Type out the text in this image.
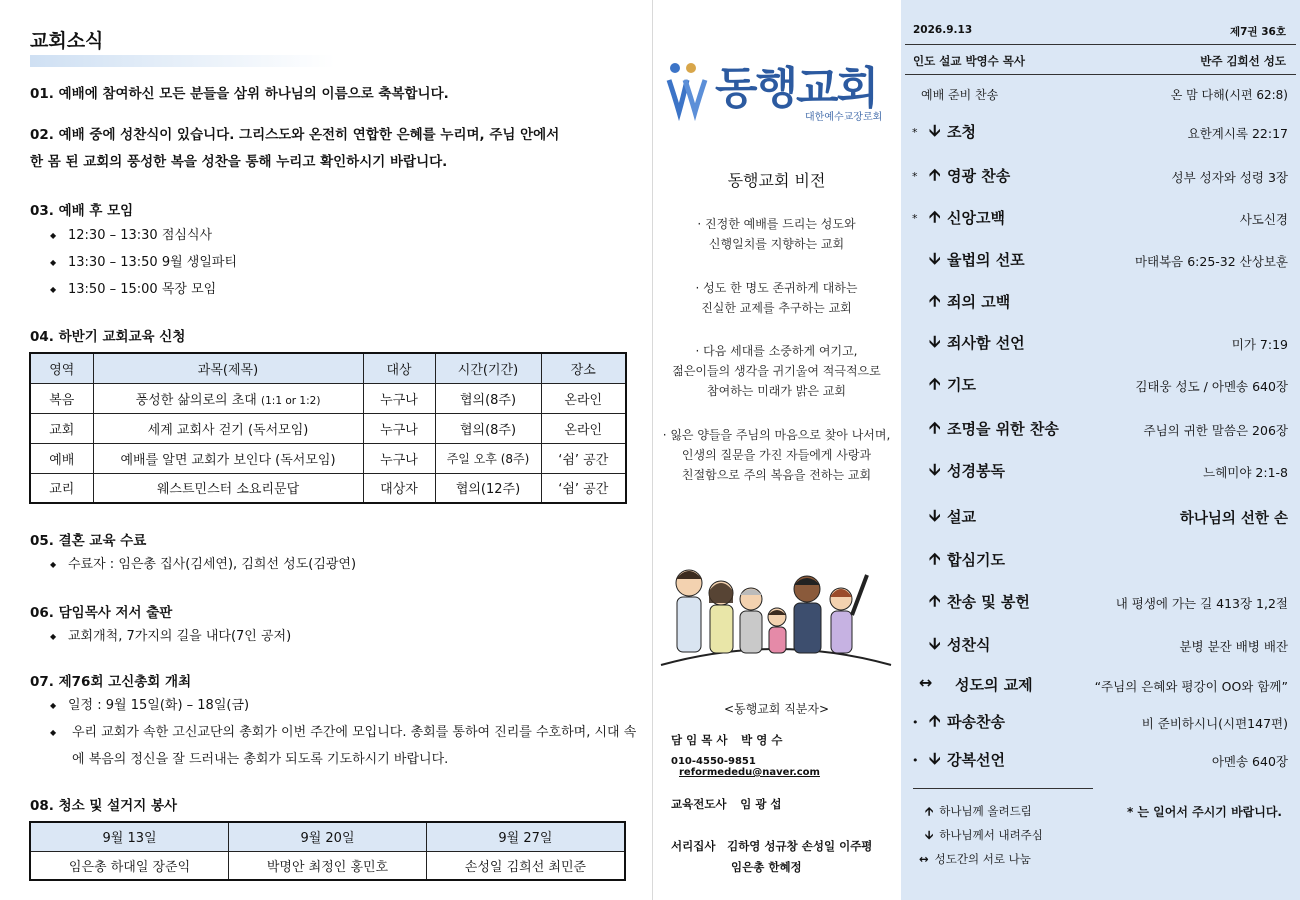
교회소식
01. 예배에 참여하신 모든 분들을 삼위 하나님의 이름으로 축복합니다.
02. 예배 중에 성찬식이 있습니다. 그리스도와 온전히 연합한 은혜를 누리며, 주님 안에서
한 몸 된 교회의 풍성한 복을 성찬을 통해 누리고 확인하시기 바랍니다.
03. 예배 후 모임
◆ 12:30 – 13:30 점심식사
◆ 13:30 – 13:50 9월 생일파티
◆ 13:50 – 15:00 목장 모임
04. 하반기 교회교육 신청
영역	과목(제목)	대상	시간(기간)	장소
복음	풍성한 삶의로의 초대 (1:1 or 1:2)	누구나	협의(8주)	온라인
교회	세계 교회사 걷기 (독서모임)	누구나	협의(8주)	온라인
예배	예배를 알면 교회가 보인다 (독서모임)	누구나	주일 오후 (8주)	‘쉼’ 공간
교리	웨스트민스터 소요리문답	대상자	협의(12주)	‘쉼’ 공간
05. 결혼 교육 수료
◆ 수료자 : 임은총 집사(김세연), 김희선 성도(김광연)
06. 담임목사 저서 출판
◆ 교회개척, 7가지의 길을 내다(7인 공저)
07. 제76회 고신총회 개최
◆ 일정 : 9월 15일(화) – 18일(금)
◆	우리 교회가 속한 고신교단의 총회가 이번 주간에 모입니다. 총회를 통하여 진리를 수호하며, 시대 속에 복음의 정신을 잘 드러내는 총회가 되도록 기도하시기 바랍니다.
08. 청소 및 설거지 봉사
9월 13일	9월 20일	9월 27일
임은총 하대일 장준익	박명안 최정인 홍민호	손성일 김희선 최민준
동행교회
대한예수교장로회
동행교회 비전
· 진정한 예배를 드리는 성도와
신행일치를 지향하는 교회
· 성도 한 명도 존귀하게 대하는
진실한 교제를 추구하는 교회
· 다음 세대를 소중하게 여기고,
젊은이들의 생각을 귀기울여 적극적으로
참여하는 미래가 밝은 교회
· 잃은 양들을 주님의 마음으로 찾아 나서며,
인생의 질문을 가진 자들에게 사랑과
친절함으로 주의 복음을 전하는 교회
<동행교회 직분자>
담 임 목 사 박 영 수
010-4550-9851 reformededu@naver.com
교육전도사 임 광 섭
서리집사 김하영 성규창 손성일 이주평
임은총 한혜정
2026.9.13	제7권 36호
인도 설교 박영수 목사	반주 김희선 성도
예배 준비 찬송	온 맘 다해(시편 62:8)
* 🡫 조청	요한계시록 22:17
* 🡩 영광 찬송	성부 성자와 성령 3장
* 🡩 신앙고백	사도신경
🡫 율법의 선포	마태복음 6:25-32 산상보훈
🡩 죄의 고백
🡫 죄사함 선언	미가 7:19
🡩 기도	김태웅 성도 / 아멘송 640장
🡩 조명을 위한 찬송	주님의 귀한 말씀은 206장
🡫 성경봉독	느헤미야 2:1-8
🡫 설교	하나님의 선한 손
🡩 합심기도
🡩 찬송 및 봉헌	내 평생에 가는 길 413장 1,2절
🡫 성찬식	분병 분잔 배병 배잔
↔ 성도의 교제	“주님의 은혜와 평강이 OO와 함께”
• 🡩 파송찬송	비 준비하시니(시편147편)
• 🡫 강복선언	아멘송 640장
🡩 하나님께 올려드림
🡫 하나님께서 내려주심
↔ 성도간의 서로 나눔
* 는 일어서 주시기 바랍니다.
